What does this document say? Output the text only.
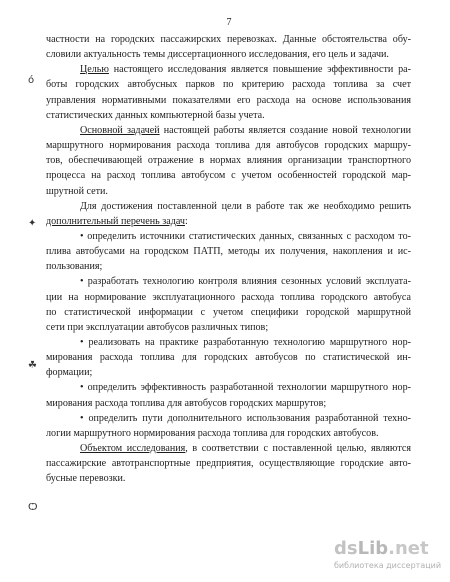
7
ó
✦
☘
Ѻ
частности на городских пассажирских перевозках. Данные обстоятельства обу-
словили актуальность темы диссертационного исследования, его цель и задачи.
Целью настоящего исследования является повышение эффективности ра-
боты городских автобусных парков по критерию расхода топлива за счет
управления нормативными показателями его расхода на основе использования
статистических данных компьютерной базы учета.
Основной задачей настоящей работы является создание новой технологии
маршрутного нормирования расхода топлива для автобусов городских маршру-
тов, обеспечивающей отражение в нормах влияния организации транспортного
процесса на расход топлива автобусом с учетом особенностей городской мар-
шрутной сети.
Для достижения поставленной цели в работе так же необходимо решить
дополнительный перечень задач:
• определить источники статистических данных, связанных с расходом то-
плива автобусами на городском ПАТП, методы их получения, накопления и ис-
пользования;
• разработать технологию контроля влияния сезонных условий эксплуата-
ции на нормирование эксплуатационного расхода топлива городского автобуса
по статистической информации с учетом специфики городской маршрутной
сети при эксплуатации автобусов различных типов;
• реализовать на практике разработанную технологию маршрутного нор-
мирования расхода топлива для городских автобусов по статистической ин-
формации;
• определить эффективность разработанной технологии маршрутного нор-
мирования расхода топлива для автобусов городских маршрутов;
• определить пути дополнительного использования разработанной техно-
логии маршрутного нормирования расхода топлива для городских автобусов.
Объектом исследования, в соответствии с поставленной целью, являются
пассажирские автотранспортные предприятия, осуществляющие городские авто-
бусные перевозки.
dsLib.net
библиотека диссертаций
